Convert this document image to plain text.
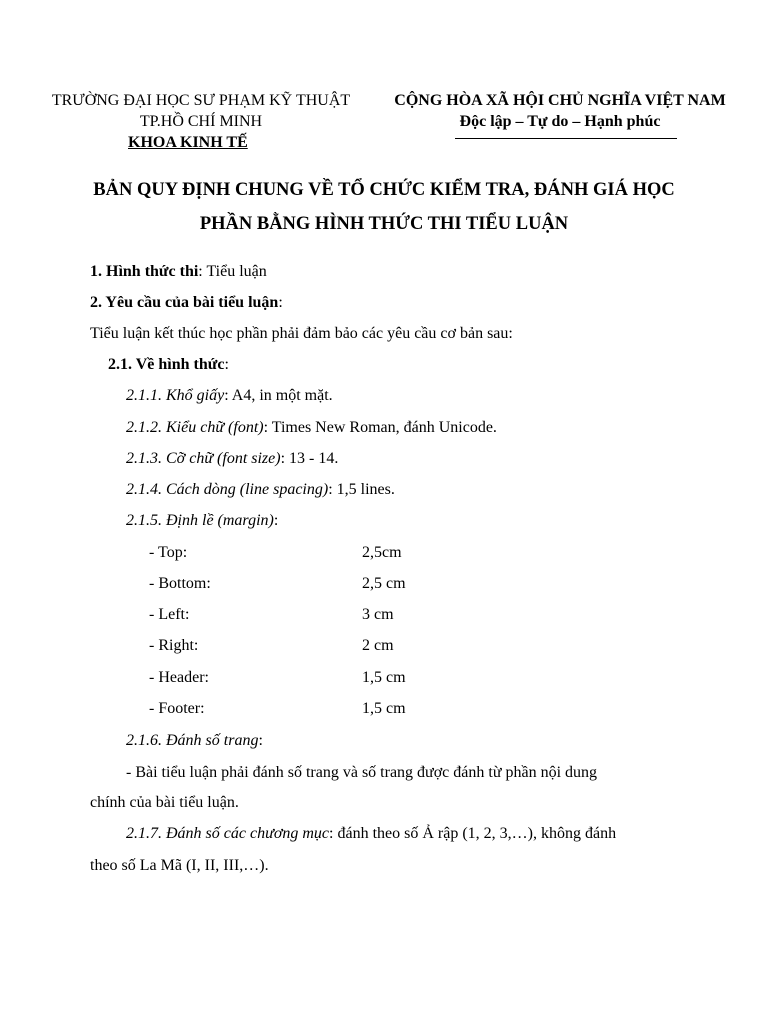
TRƯỜNG ĐẠI HỌC SƯ PHẠM KỸ THUẬT
TP.HỒ CHÍ MINH
KHOA KINH TẾ
CỘNG HÒA XÃ HỘI CHỦ NGHĨA VIỆT NAM
Độc lập – Tự do – Hạnh phúc
BẢN QUY ĐỊNH CHUNG VỀ TỔ CHỨC KIỂM TRA, ĐÁNH GIÁ HỌC
PHẦN BẰNG HÌNH THỨC THI TIỂU LUẬN
1. Hình thức thi: Tiểu luận
2. Yêu cầu của bài tiểu luận:
Tiểu luận kết thúc học phần phải đảm bảo các yêu cầu cơ bản sau:
2.1. Về hình thức:
2.1.1. Khổ giấy: A4, in một mặt.
2.1.2. Kiểu chữ (font): Times New Roman, đánh Unicode.
2.1.3. Cỡ chữ (font size): 13 - 14.
2.1.4. Cách dòng (line spacing): 1,5 lines.
2.1.5. Định lề (margin):
- Top:	2,5cm
- Bottom:	2,5 cm
- Left:	3 cm
- Right:	2 cm
- Header:	1,5 cm
- Footer:	1,5 cm
2.1.6. Đánh số trang:
- Bài tiểu luận phải đánh số trang và số trang được đánh từ phần nội dung
chính của bài tiểu luận.
2.1.7. Đánh số các chương mục: đánh theo số Ả rập (1, 2, 3,…), không đánh
theo số La Mã (I, II, III,…).
